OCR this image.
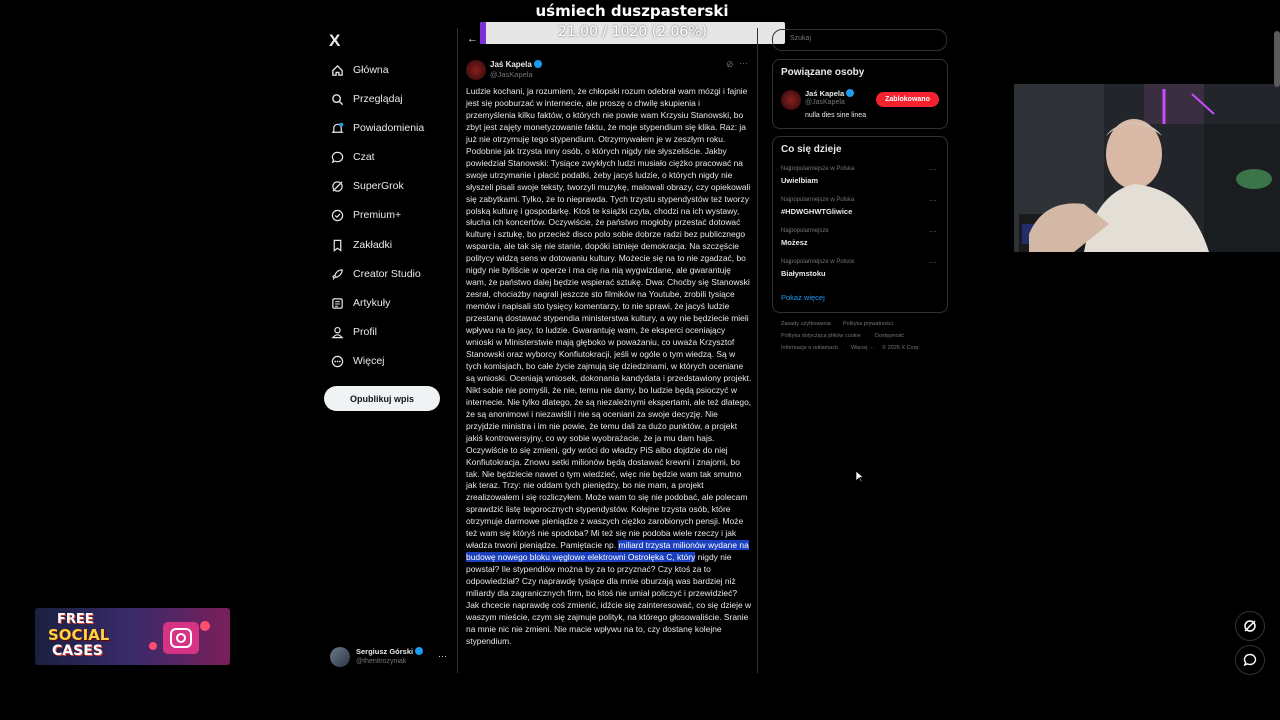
uśmiech duszpasterski
21.00 / 1020 (2.06%)
X
Główna
Przeglądaj
Powiadomienia
Czat
SuperGrok
Premium+
Zakładki
Creator Studio
Artykuły
Profil
Więcej
Opublikuj wpis
Sergiusz Górski
@thenitrozyniak
···
←
Jaś Kapela
@JasKapela
⊘ ···

Ludzie kochani, ja rozumiem, że chłopski rozum odebrał wam mózgi i fajnie jest się pooburzać w internecie, ale proszę o chwilę skupienia i przemyślenia kilku faktów, o których nie powie wam Krzysiu Stanowski, bo zbyt jest zajęty monetyzowanie faktu, że moje stypendium się klika. Raz: ja już nie otrzymuję tego stypendium. Otrzymywałem je w zeszłym roku. Podobnie jak trzysta inny osób, o których nigdy nie słyszeliście. Jakby powiedział Stanowski: Tysiące zwykłych ludzi musiało ciężko pracować na swoje utrzymanie i płacić podatki, żeby jacyś ludzie, o których nigdy nie słyszeli pisali swoje teksty, tworzyli muzykę, malowali obrazy, czy opiekowali się zabytkami. Tylko, że to nieprawda. Tych trzystu stypendystów też tworzy polską kulturę i gospodarkę. Ktoś te książki czyta, chodzi na ich wystawy, słucha ich koncertów. Oczywiście, że państwo mogłoby przestać dotować kulturę i sztukę, bo przecież disco polo sobie dobrze radzi bez publicznego wsparcia, ale tak się nie stanie, dopóki istnieje demokracja. Na szczęście politycy widzą sens w dotowaniu kultury. Możecie się na to nie zgadzać, bo nigdy nie byliście w operze i ma cię na nią wygwizdane, ale gwarantuję wam, że państwo dalej będzie wspierać sztukę. Dwa: Choćby się Stanowski zesrał, chociażby nagrali jeszcze sto filmików na Youtube, zrobili tysiące memów i napisali sto tysięcy komentarzy, to nie sprawi, że jacyś ludzie przestaną dostawać stypendia ministerstwa kultury, a wy nie będziecie mieli wpływu na to jacy, to ludzie. Gwarantuję wam, że eksperci oceniający wnioski w Ministerstwie mają głęboko w poważaniu, co uważa Krzysztof Stanowski oraz wyborcy Konfiutokracji, jeśli w ogóle o tym wiedzą. Są w tych komisjach, bo całe życie zajmują się dziedzinami, w których oceniane są wnioski. Oceniają wniosek, dokonania kandydata i przedstawiony projekt. Nikt sobie nie pomyśli, że nie, temu nie damy, bo ludzie będą psioczyć w internecie. Nie tylko dlatego, że są niezależnymi ekspertami, ale też dlatego, że są anonimowi i niezawiśli i nie są oceniani za swoje decyzję. Nie przyjdzie ministra i im nie powie, że temu dali za dużo punktów, a projekt jakiś kontrowersyjny, co wy sobie wyobrażacie, że ja mu dam hajs. Oczywiście to się zmieni, gdy wróci do władzy PiS albo dojdzie do niej Konfiutokracja. Znowu setki milionów będą dostawać krewni i znajomi, bo tak. Nie będziecie nawet o tym wiedzieć, więc nie będzie wam tak smutno jak teraz. Trzy: nie oddam tych pieniędzy, bo nie mam, a projekt zrealizowałem i się rozliczyłem. Może wam to się nie podobać, ale polecam sprawdzić listę tegorocznych stypendystów. Kolejne trzysta osób, które otrzymuje darmowe pieniądze z waszych ciężko zarobionych pensji. Może też wam się któryś nie spodoba? Mi też się nie podoba wiele rzeczy i jak władza trwoni pieniądze. Pamiętacie np. miliard trzysta milionów wydane na budowę nowego bloku węglowe elektrowni Ostrołęka C, który nigdy nie powstał? Ile stypendiów można by za to przyznać? Czy ktoś za to odpowiedział? Czy naprawdę tysiące dla mnie oburzają was bardziej niż miliardy dla zagranicznych firm, bo ktoś nie umiał policzyć i przewidzieć? Jak chcecie naprawdę coś zmienić, idźcie się zainteresować, co się dzieje w waszym mieście, czym się zajmuje polityk, na którego głosowaliście. Sranie na mnie nic nie zmieni. Nie macie wpływu na to, czy dostanę kolejne stypendium.

Szukaj
Powiązane osoby
Jaś Kapela
@JasKapela
nulla dies sine linea
Zablokowano
Co się dzieje
Najpopularniejsze w Polska
Uwielbiam
···
Najpopularniejsze w Polska
#HDWGHWTGliwice
···
Najpopularniejsze
Możesz
···
Najpopularniejsze w Polsce
Białymstoku
···
Pokaż więcej
Zasady użytkowania Polityka prywatności
Polityka dotycząca plików cookie	Dostępność
Informacje o reklamach Więcej ··· © 2026 X Corp.
FREE
SOCIAL
CASES
